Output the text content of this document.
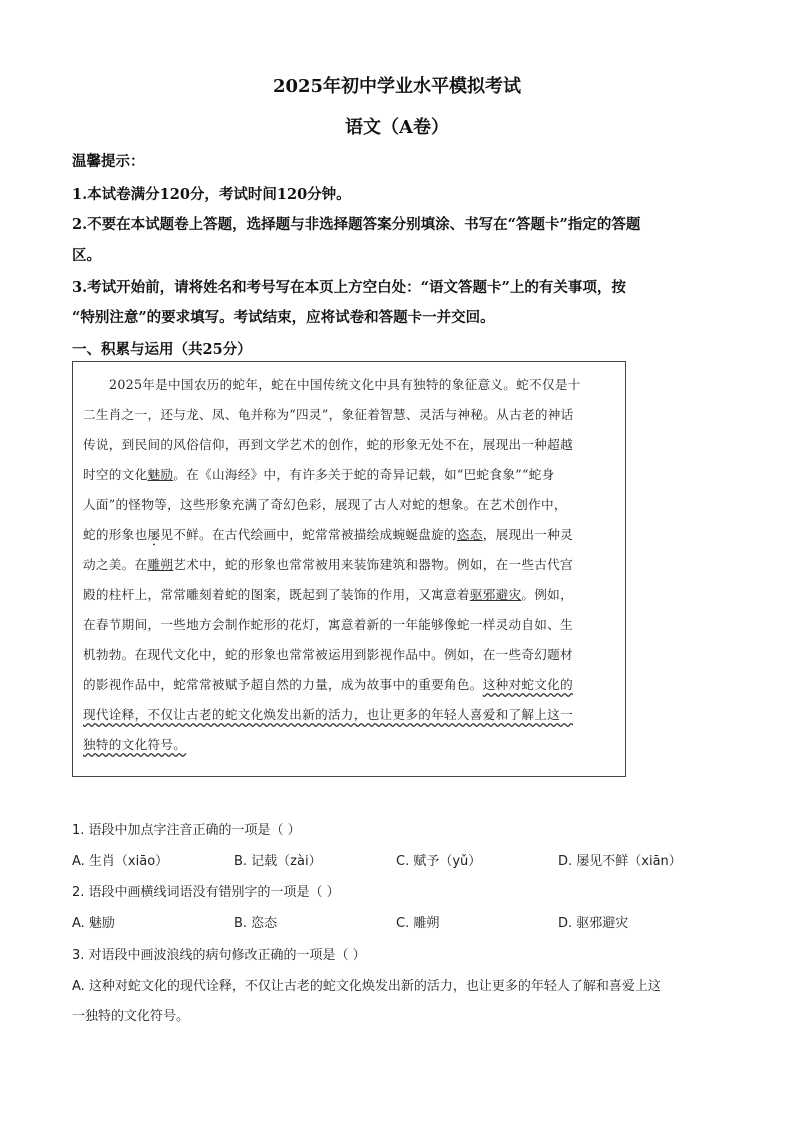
2025年初中学业水平模拟考试
语文（A卷）
温馨提示：
1.本试卷满分120分，考试时间120分钟。
2.不要在本试题卷上答题，选择题与非选择题答案分别填涂、书写在“答题卡”指定的答题
区。
3.考试开始前，请将姓名和考号写在本页上方空白处：“语文答题卡”上的有关事项，按
“特别注意”的要求填写。考试结束，应将试卷和答题卡一并交回。
一、积累与运用（共25分）
2025年是中国农历的蛇年，蛇在中国传统文化中具有独特的象征意义。蛇不仅是十
二生肖之一，还与龙、凤、龟并称为“四灵”，象征着智慧、灵活与神秘。从古老的神话
传说，到民间的风俗信仰，再到文学艺术的创作，蛇的形象无处不在，展现出一种超越
时空的文化魅励。在《山海经》中，有许多关于蛇的奇异记载，如“巴蛇食象”“蛇身
人面”的怪物等，这些形象充满了奇幻色彩，展现了古人对蛇的想象。在艺术创作中，
蛇的形象也屡见不鲜。在古代绘画中，蛇常常被描绘成蜿蜒盘旋的恣态，展现出一种灵
动之美。在雕朔艺术中，蛇的形象也常常被用来装饰建筑和器物。例如，在一些古代宫
殿的柱杆上，常常雕刻着蛇的图案，既起到了装饰的作用，又寓意着驱邪避灾。例如，
在春节期间，一些地方会制作蛇形的花灯，寓意着新的一年能够像蛇一样灵动自如、生
机勃勃。在现代文化中，蛇的形象也常常被运用到影视作品中。例如，在一些奇幻题材
的影视作品中，蛇常常被赋予超自然的力量，成为故事中的重要角色。这种对蛇文化的
现代诠释，不仅让古老的蛇文化焕发出新的活力，也让更多的年轻人喜爱和了解上这一
独特的文化符号。
1. 语段中加点字注音正确的一项是（ ）
A. 生肖（xiāo）	B. 记载（zài）	C. 赋予（yǔ）	D. 屡见不鲜（xiān）
2. 语段中画横线词语没有错别字的一项是（ ）
A. 魅励	B. 恣态	C. 雕朔	D. 驱邪避灾
3. 对语段中画波浪线的病句修改正确的一项是（ ）
A. 这种对蛇文化的现代诠释，不仅让古老的蛇文化焕发出新的活力，也让更多的年轻人了解和喜爱上这
一独特的文化符号。
